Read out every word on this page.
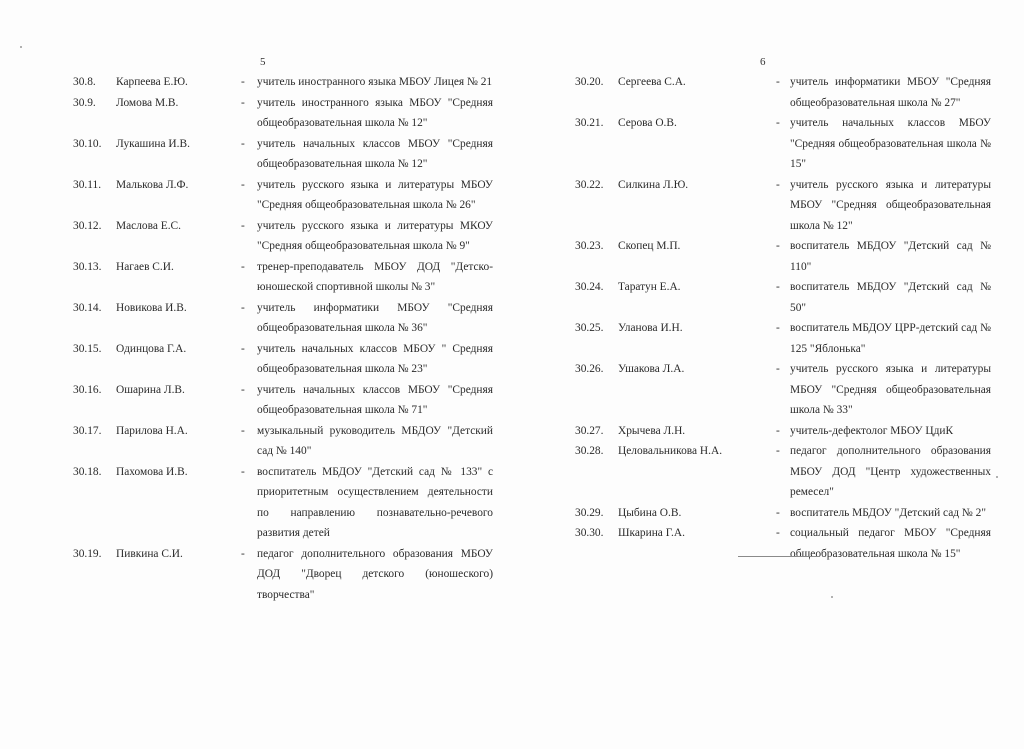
5
30.8.	Карпеева Е.Ю.	-	учитель иностранного языка МБОУ Лицея № 21
30.9.	Ломова М.В.	-	учитель иностранного языка МБОУ "Средняя общеобразовательная школа № 12"
30.10.	Лукашина И.В.	-	учитель начальных классов МБОУ "Средняя общеобразовательная школа № 12"
30.11.	Малькова Л.Ф.	-	учитель русского языка и литературы МБОУ "Средняя общеобразовательная школа № 26"
30.12.	Маслова Е.С.	-	учитель русского языка и литературы МКОУ "Средняя общеобразовательная школа № 9"
30.13.	Нагаев С.И.	-	тренер-преподаватель МБОУ ДОД "Детско-юношеской спортивной школы № 3"
30.14.	Новикова И.В.	-	учитель информатики МБОУ "Средняя общеобразовательная школа № 36"
30.15.	Одинцова Г.А.	-	учитель начальных классов МБОУ " Средняя общеобразовательная школа № 23"
30.16.	Ошарина Л.В.	-	учитель начальных классов МБОУ "Средняя общеобразовательная школа № 71"
30.17.	Парилова Н.А.	-	музыкальный руководитель МБДОУ "Детский сад № 140"
30.18.	Пахомова И.В.	-	воспитатель МБДОУ "Детский сад № 133" с приоритетным осуществлением деятельности по направлению познавательно-речевого развития детей
30.19.	Пивкина С.И.	-	педагог дополнительного образования МБОУ ДОД "Дворец детского (юношеского) творчества"
6
30.20.	Сергеева С.А.	- учитель информатики МБОУ "Средняя общеобразовательная школа № 27"
30.21.	Серова О.В.	- учитель начальных классов МБОУ "Средняя общеобразовательная школа № 15"
30.22.	Силкина Л.Ю.	- учитель русского языка и литературы МБОУ "Средняя общеобразовательная школа № 12"
30.23.	Скопец М.П.	- воспитатель МБДОУ "Детский сад № 110"
30.24.	Таратун Е.А.	- воспитатель МБДОУ "Детский сад № 50"
30.25.	Уланова И.Н.	- воспитатель МБДОУ ЦРР-детский сад № 125 "Яблонька"
30.26.	Ушакова Л.А.	- учитель русского языка и литературы МБОУ "Средняя общеобразовательная школа № 33"
30.27.	Хрычева Л.Н.	- учитель-дефектолог МБОУ ЦдиК
30.28.	Целовальникова Н.А.	- педагог дополнительного образования МБОУ ДОД "Центр художественных ремесел"
30.29.	Цыбина О.В.	- воспитатель МБДОУ "Детский сад № 2"
30.30.	Шкарина Г.А.	- социальный педагог МБОУ "Средняя общеобразовательная школа № 15"
